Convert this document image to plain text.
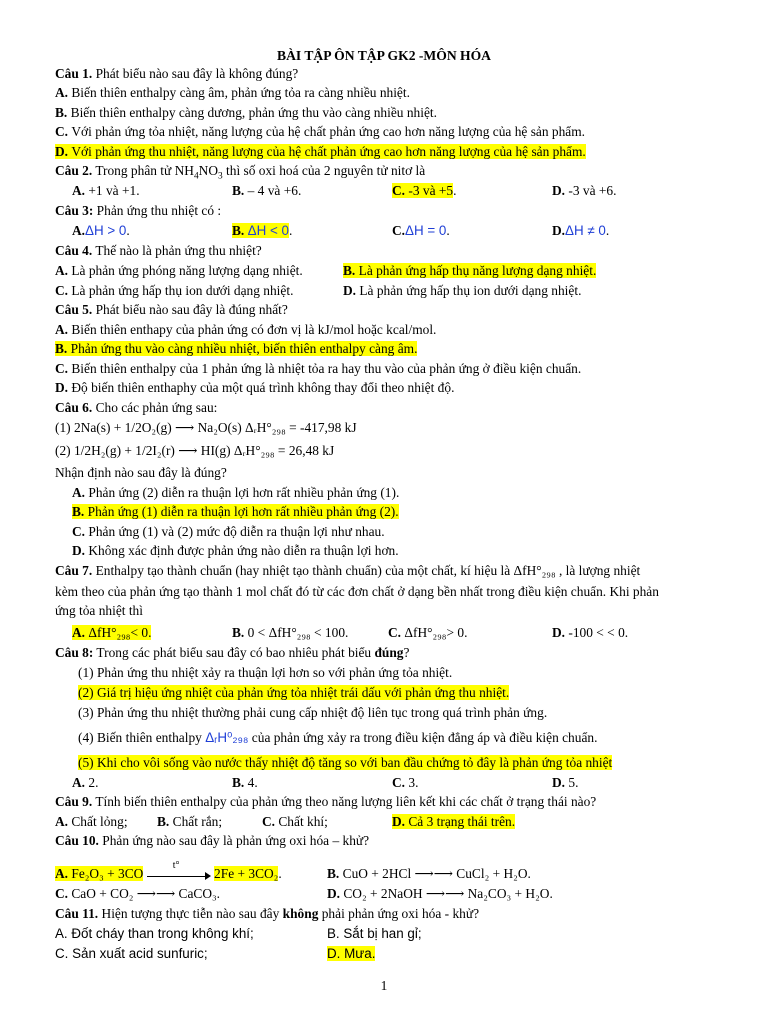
BÀI TẬP ÔN TẬP GK2 -MÔN HÓA
Câu 1. Phát biểu nào sau đây là không đúng?
A. Biến thiên enthalpy càng âm, phản ứng tỏa ra càng nhiều nhiệt.
B. Biến thiên enthalpy càng dương, phản ứng thu vào càng nhiều nhiệt.
C. Với phản ứng tỏa nhiệt, năng lượng của hệ chất phản ứng cao hơn năng lượng của hệ sản phẩm.
D. Với phản ứng thu nhiệt, năng lượng của hệ chất phản ứng cao hơn năng lượng của hệ sản phẩm.
Câu 2. Trong phân tử $NH_4NO_3$ thì số oxi hoá của 2 nguyên tử nitơ là
A. +1 và +1.	B. – 4 và +6.	C. -3 và +5.	D. -3 và +6.
Câu 3: Phản ứng thu nhiệt có :
A.ΔH > 0.	B. ΔH < 0.	C.ΔH = 0.	D.ΔH ≠ 0.
Câu 4. Thế nào là phản ứng thu nhiệt?
A. Là phản ứng phóng năng lượng dạng nhiệt.	B. Là phản ứng hấp thụ năng lượng dạng nhiệt.
C. Là phản ứng hấp thụ ion dưới dạng nhiệt.	D. Là phản ứng hấp thụ ion dưới dạng nhiệt.
Câu 5. Phát biểu nào sau đây là đúng nhất?
A. Biến thiên enthapy của phản ứng có đơn vị là kJ/mol hoặc kcal/mol.
B. Phản ứng thu vào càng nhiều nhiệt, biến thiên enthalpy càng âm.
C. Biến thiên enthalpy của 1 phản ứng là nhiệt tỏa ra hay thu vào của phản ứng ở điều kiện chuẩn.
D. Độ biến thiên enthaphy của một quá trình không thay đổi theo nhiệt độ.
Câu 6. Cho các phản ứng sau:
(1) 2Na(s) + 1/2O₂(g) ⟶ Na₂O(s) ΔᵣH°₂₉₈ = -417,98 kJ
(2) 1/2H₂(g) + 1/2I₂(r) ⟶ HI(g) ΔᵣH°₂₉₈ = 26,48 kJ
Nhận định nào sau đây là đúng?
A. Phản ứng (2) diễn ra thuận lợi hơn rất nhiều phản ứng (1).
B. Phản ứng (1) diễn ra thuận lợi hơn rất nhiều phản ứng (2).
C. Phản ứng (1) và (2) mức độ diễn ra thuận lợi như nhau.
D. Không xác định được phản ứng nào diễn ra thuận lợi hơn.
Câu 7. Enthalpy tạo thành chuẩn (hay nhiệt tạo thành chuẩn) của một chất, kí hiệu là ΔfH°₂₉₈ , là lượng nhiệt
kèm theo của phản ứng tạo thành 1 mol chất đó từ các đơn chất ở dạng bền nhất trong điều kiện chuẩn. Khi phản
ứng tỏa nhiệt thì
A. ΔfH°₂₉₈< 0.	B. 0 < ΔfH°₂₉₈ < 100.	C. ΔfH°₂₉₈> 0.	D. -100 < < 0.
Câu 8: Trong các phát biểu sau đây có bao nhiêu phát biểu đúng?
(1) Phản ứng thu nhiệt xảy ra thuận lợi hơn so với phản ứng tỏa nhiệt.
(2) Giá trị hiệu ứng nhiệt của phản ứng tỏa nhiệt trái dấu với phản ứng thu nhiệt.
(3) Phản ứng thu nhiệt thường phải cung cấp nhiệt độ liên tục trong quá trình phản ứng.
(4) Biến thiên enthalpy ΔᵣH⁰₂₉₈ của phản ứng xảy ra trong điều kiện đẳng áp và điều kiện chuẩn.
(5) Khi cho vôi sống vào nước thấy nhiệt độ tăng so với ban đầu chứng tỏ đây là phản ứng tỏa nhiệt
A. 2.	B. 4.	C. 3.	D. 5.
Câu 9. Tính biến thiên enthalpy của phản ứng theo năng lượng liên kết khi các chất ở trạng thái nào?
A. Chất lỏng; B. Chất rắn;	C. Chất khí;	D. Cả 3 trạng thái trên.
Câu 10. Phản ứng nào sau đây là phản ứng oxi hóa – khử?
A. Fe₂O₃ + 3CO
t°
2Fe + 3CO₂.	B. CuO + 2HCl ⟶⟶ CuCl₂ + H₂O.
C. CaO + CO₂ ⟶⟶ CaCO₃.	D. CO₂ + 2NaOH ⟶⟶ Na₂CO₃ + H₂O.
Câu 11. Hiện tượng thực tiễn nào sau đây không phải phản ứng oxi hóa - khử?
A. Đốt cháy than trong không khí;	B. Sắt bị han gỉ;
C. Sản xuất acid sunfuric;	D. Mưa.
1
